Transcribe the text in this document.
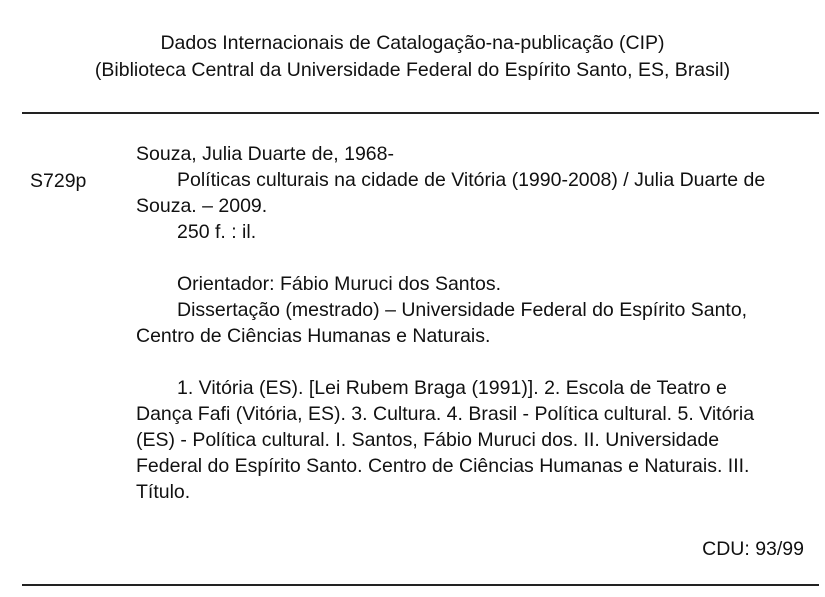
Dados Internacionais de Catalogação-na-publicação (CIP)
(Biblioteca Central da Universidade Federal do Espírito Santo, ES, Brasil)
S729p

Souza, Julia Duarte de, 1968-

Políticas culturais na cidade de Vitória (1990-2008) / Julia Duarte de Souza. – 2009.

250 f. : il.

Orientador: Fábio Muruci dos Santos.

Dissertação (mestrado) – Universidade Federal do Espírito Santo, Centro de Ciências Humanas e Naturais.

1. Vitória (ES). [Lei Rubem Braga (1991)]. 2. Escola de Teatro e Dança Fafi (Vitória, ES). 3. Cultura. 4. Brasil - Política cultural. 5. Vitória (ES) - Política cultural. I. Santos, Fábio Muruci dos. II. Universidade Federal do Espírito Santo. Centro de Ciências Humanas e Naturais. III. Título.

CDU: 93/99
